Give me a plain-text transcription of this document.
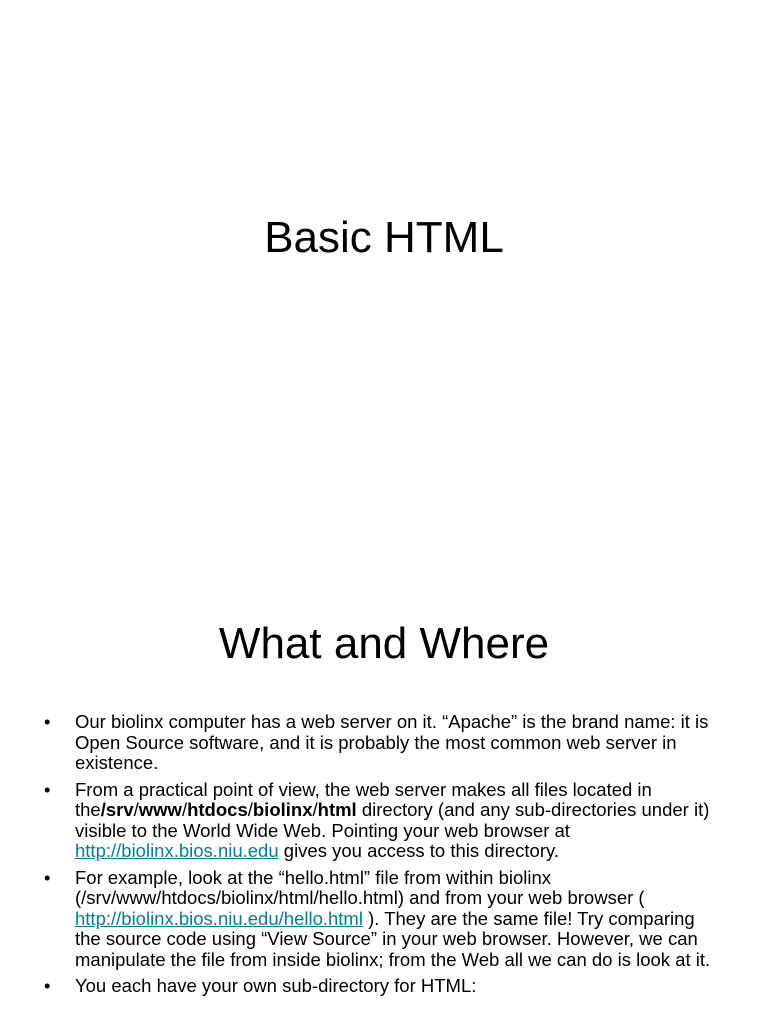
Basic HTML
What and Where
•	Our biolinx computer has a web server on it. “Apache” is the brand name: it is Open Source software, and it is probably the most common web server in existence.
•	From a practical point of view, the web server makes all files located in the/srv/www/htdocs/biolinx/html directory (and any sub-directories under it) visible to the World Wide Web. Pointing your web browser at http://biolinx.bios.niu.edu gives you access to this directory.
•	For example, look at the “hello.html” file from within biolinx (/srv/www/htdocs/biolinx/html/hello.html) and from your web browser ( http://biolinx.bios.niu.edu/hello.html ). They are the same file! Try comparing the source code using “View Source” in your web browser. However, we can manipulate the file from inside biolinx; from the Web all we can do is look at it.
•	You each have your own sub-directory for HTML:
